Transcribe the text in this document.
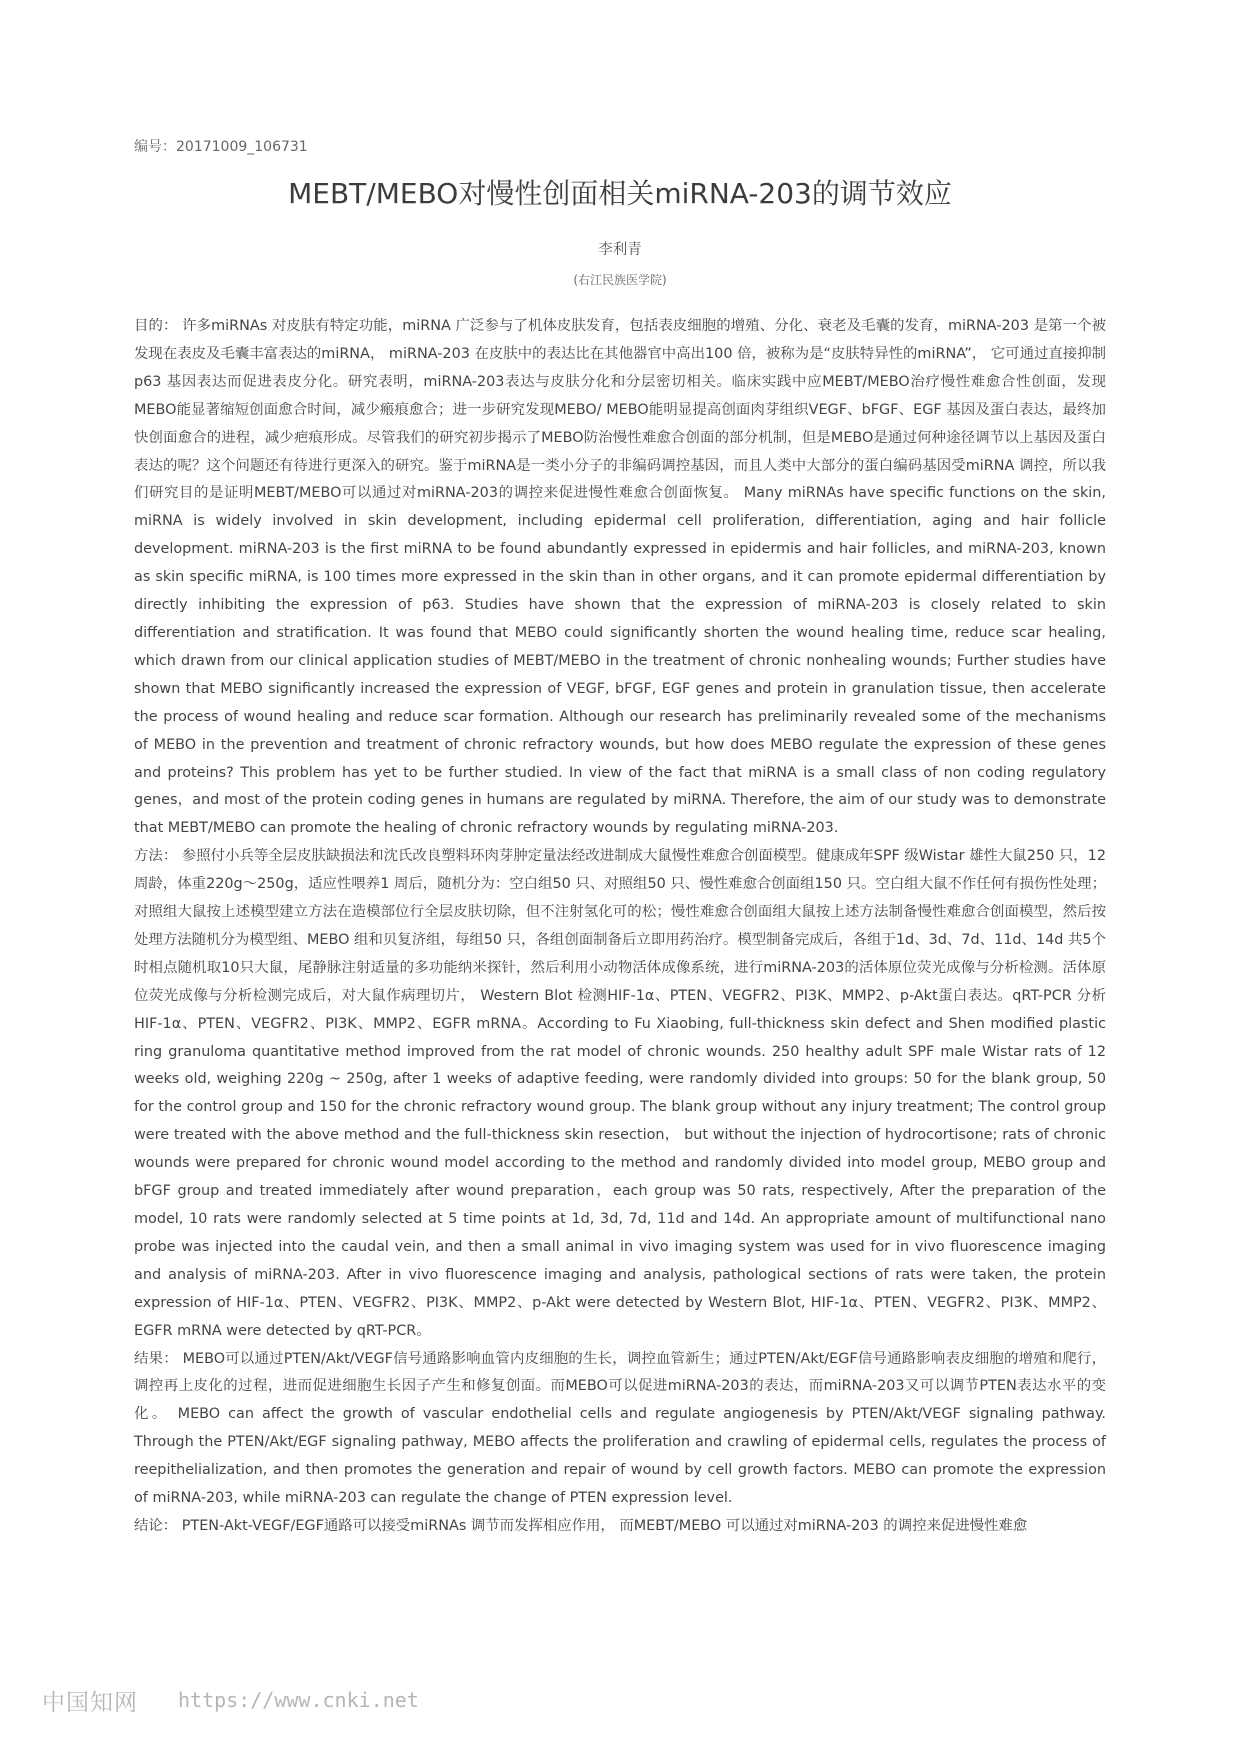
编号：20171009_106731
MEBT/MEBO对慢性创面相关miRNA-203的调节效应
李利青
(右江民族医学院)

目的： 许多miRNAs 对皮肤有特定功能，miRNA 广泛参与了机体皮肤发育，包括表皮细胞的增殖、分化、衰老及毛囊的发育，miRNA-203 是第一个被发现在表皮及毛囊丰富表达的miRNA， miRNA-203 在皮肤中的表达比在其他器官中高出100 倍，被称为是“皮肤特异性的miRNA”， 它可通过直接抑制p63 基因表达而促进表皮分化。研究表明，miRNA-203表达与皮肤分化和分层密切相关。临床实践中应MEBT/MEBO治疗慢性难愈合性创面，发现MEBO能显著缩短创面愈合时间，减少瘢痕愈合；进一步研究发现MEBO/ MEBO能明显提高创面肉芽组织VEGF、bFGF、EGF 基因及蛋白表达，最终加快创面愈合的进程，减少疤痕形成。尽管我们的研究初步揭示了MEBO防治慢性难愈合创面的部分机制，但是MEBO是通过何种途径调节以上基因及蛋白表达的呢？这个问题还有待进行更深入的研究。鉴于miRNA是一类小分子的非编码调控基因，而且人类中大部分的蛋白编码基因受miRNA 调控，所以我们研究目的是证明MEBT/MEBO可以通过对miRNA-203的调控来促进慢性难愈合创面恢复。 Many miRNAs have specific functions on the skin, miRNA is widely involved in skin development, including epidermal cell proliferation, differentiation, aging and hair follicle development. miRNA-203 is the first miRNA to be found abundantly expressed in epidermis and hair follicles, and miRNA-203, known as skin specific miRNA, is 100 times more expressed in the skin than in other organs, and it can promote epidermal differentiation by directly inhibiting the expression of p63. Studies have shown that the expression of miRNA-203 is closely related to skin differentiation and stratification. It was found that MEBO could significantly shorten the wound healing time, reduce scar healing, which drawn from our clinical application studies of MEBT/MEBO in the treatment of chronic nonhealing wounds; Further studies have shown that MEBO significantly increased the expression of VEGF, bFGF, EGF genes and protein in granulation tissue, then accelerate the process of wound healing and reduce scar formation. Although our research has preliminarily revealed some of the mechanisms of MEBO in the prevention and treatment of chronic refractory wounds, but how does MEBO regulate the expression of these genes and proteins? This problem has yet to be further studied. In view of the fact that miRNA is a small class of non coding regulatory genes，and most of the protein coding genes in humans are regulated by miRNA. Therefore, the aim of our study was to demonstrate that MEBT/MEBO can promote the healing of chronic refractory wounds by regulating miRNA-203.

方法： 参照付小兵等全层皮肤缺损法和沈氏改良塑料环肉芽肿定量法经改进制成大鼠慢性难愈合创面模型。健康成年SPF 级Wistar 雄性大鼠250 只，12 周龄，体重220g～250g，适应性喂养1 周后，随机分为：空白组50 只、对照组50 只、慢性难愈合创面组150 只。空白组大鼠不作任何有损伤性处理；对照组大鼠按上述模型建立方法在造模部位行全层皮肤切除，但不注射氢化可的松；慢性难愈合创面组大鼠按上述方法制备慢性难愈合创面模型，然后按处理方法随机分为模型组、MEBO 组和贝复济组，每组50 只，各组创面制备后立即用药治疗。模型制备完成后，各组于1d、3d、7d、11d、14d 共5个时相点随机取10只大鼠，尾静脉注射适量的多功能纳米探针，然后利用小动物活体成像系统，进行miRNA-203的活体原位荧光成像与分析检测。活体原位荧光成像与分析检测完成后，对大鼠作病理切片， Western Blot 检测HIF-1α、PTEN、VEGFR2、PI3K、MMP2、p-Akt蛋白表达。qRT-PCR 分析HIF-1α、PTEN、VEGFR2、PI3K、MMP2、EGFR mRNA。According to Fu Xiaobing, full-thickness skin defect and Shen modified plastic ring granuloma quantitative method improved from the rat model of chronic wounds. 250 healthy adult SPF male Wistar rats of 12 weeks old, weighing 220g ~ 250g, after 1 weeks of adaptive feeding, were randomly divided into groups: 50 for the blank group, 50 for the control group and 150 for the chronic refractory wound group. The blank group without any injury treatment; The control group were treated with the above method and the full-thickness skin resection， but without the injection of hydrocortisone; rats of chronic wounds were prepared for chronic wound model according to the method and randomly divided into model group, MEBO group and bFGF group and treated immediately after wound preparation，each group was 50 rats, respectively, After the preparation of the model, 10 rats were randomly selected at 5 time points at 1d, 3d, 7d, 11d and 14d. An appropriate amount of multifunctional nano probe was injected into the caudal vein, and then a small animal in vivo imaging system was used for in vivo fluorescence imaging and analysis of miRNA-203. After in vivo fluorescence imaging and analysis, pathological sections of rats were taken, the protein expression of HIF-1α、PTEN、VEGFR2、PI3K、MMP2、p-Akt were detected by Western Blot, HIF-1α、PTEN、VEGFR2、PI3K、MMP2、EGFR mRNA were detected by qRT-PCR。

结果： MEBO可以通过PTEN/Akt/VEGF信号通路影响血管内皮细胞的生长，调控血管新生；通过PTEN/Akt/EGF信号通路影响表皮细胞的增殖和爬行，调控再上皮化的过程，进而促进细胞生长因子产生和修复创面。而MEBO可以促进miRNA-203的表达，而miRNA-203又可以调节PTEN表达水平的变化。 MEBO can affect the growth of vascular endothelial cells and regulate angiogenesis by PTEN/Akt/VEGF signaling pathway. Through the PTEN/Akt/EGF signaling pathway, MEBO affects the proliferation and crawling of epidermal cells, regulates the process of reepithelialization, and then promotes the generation and repair of wound by cell growth factors. MEBO can promote the expression of miRNA-203, while miRNA-203 can regulate the change of PTEN expression level.

结论： PTEN-Akt-VEGF/EGF通路可以接受miRNAs 调节而发挥相应作用， 而MEBT/MEBO 可以通过对miRNA-203 的调控来促进慢性难愈

中国知网 https://www.cnki.net
